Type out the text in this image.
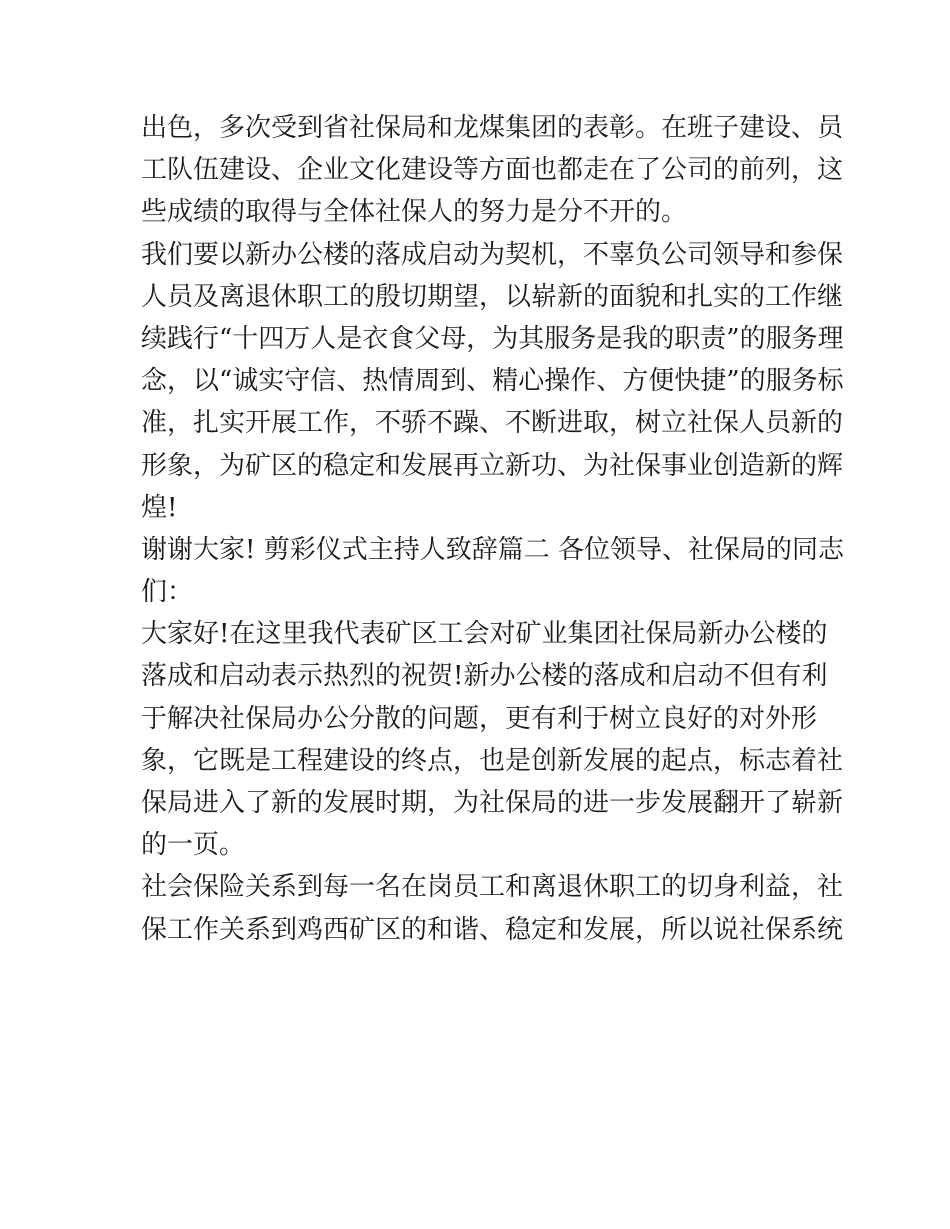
出色，多次受到省社保局和龙煤集团的表彰。在班子建设、员
工队伍建设、企业文化建设等方面也都走在了公司的前列，这
些成绩的取得与全体社保人的努力是分不开的。
我们要以新办公楼的落成启动为契机，不辜负公司领导和参保
人员及离退休职工的殷切期望，以崭新的面貌和扎实的工作继
续践行“十四万人是衣食父母，为其服务是我的职责”的服务理
念，以“诚实守信、热情周到、精心操作、方便快捷”的服务标
准，扎实开展工作，不骄不躁、不断进取，树立社保人员新的
形象，为矿区的稳定和发展再立新功、为社保事业创造新的辉
煌!
谢谢大家! 剪彩仪式主持人致辞篇二 各位领导、社保局的同志
们：
大家好!在这里我代表矿区工会对矿业集团社保局新办公楼的
落成和启动表示热烈的祝贺!新办公楼的落成和启动不但有利
于解决社保局办公分散的问题，更有利于树立良好的对外形
象，它既是工程建设的终点，也是创新发展的起点，标志着社
保局进入了新的发展时期，为社保局的进一步发展翻开了崭新
的一页。
社会保险关系到每一名在岗员工和离退休职工的切身利益，社
保工作关系到鸡西矿区的和谐、稳定和发展，所以说社保系统
